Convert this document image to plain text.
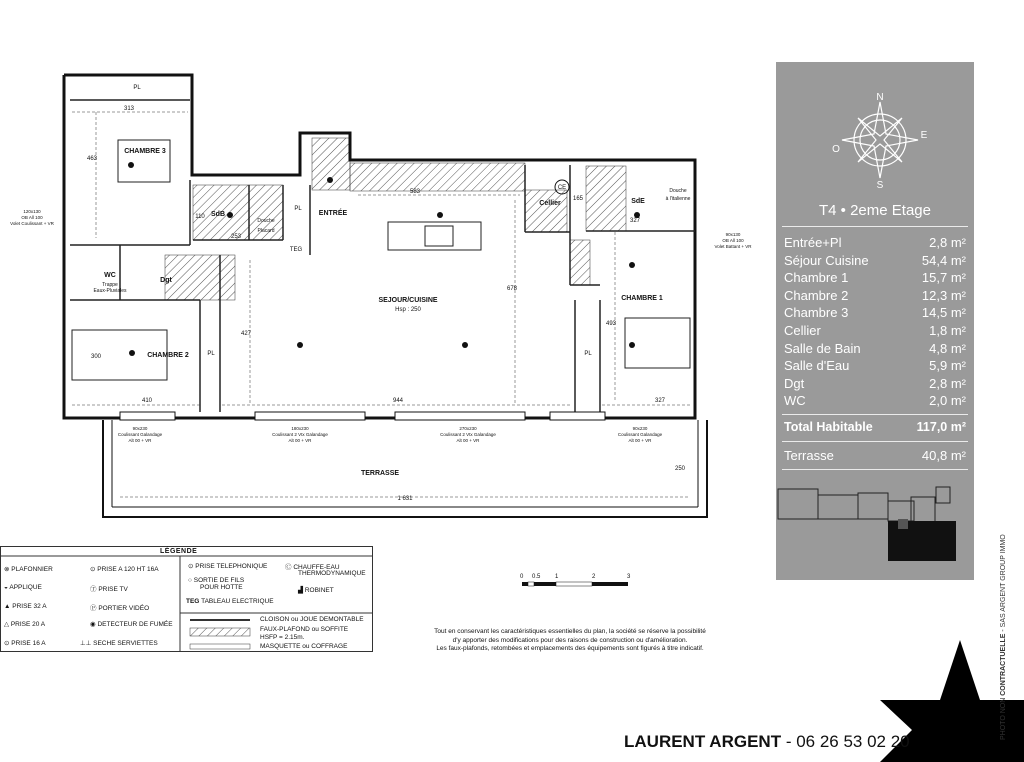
CHAMBRE 3
CHAMBRE 2
CHAMBRE 1
SdB
SdE
WC
Trappe
Eaux-Pluviales
Dgt
ENTRÉE
Cellier
SEJOUR/CUISINE
Hsp : 250
TERRASSE
PL
PL
PL
PL
TEG
CE
Douche
Placard
Douche
à l'italienne
313
463
583
327
253
110
165
678
427
493
300
410	944	327
250
1 631
120x130
OB All 100
Volet Coulissant + VR
90x130
OB All 100
Volet Battant + VR
90x230
Coulissant Galandage
Alt 00 + VR
180x230
Coulissant 2 Vtx Galandage
Alt 00 + VR
270x230
Coulissant 2 Vtx Galandage
Alt 00 + VR
90x230
Coulissant Galandage
Alt 00 + VR
N
E
S
O
T4 • 2eme Etage
Entrée+Pl	2,8 m²
Séjour Cuisine	54,4 m²
Chambre 1	15,7 m²
Chambre 2	12,3 m²
Chambre 3	14,5 m²
Cellier	1,8 m²
Salle de Bain	4,8 m²
Salle d'Eau	5,9 m²
Dgt	2,8 m²
WC	2,0 m²
Total Habitable	117,0 m²
Terrasse	40,8 m²
LÉGENDE
⊗ PLAFONNIER
◒ APPLIQUE
▲ PRISE 32 A
△ PRISE 20 A
⊙ PRISE 16 A
⊙ PRISE A 120 HT 16A
Ⓣ PRISE TV
Ⓟ PORTIER VIDÉO
◉ DETECTEUR DE FUMÉE
⊥⊥ SECHE SERVIETTES
⊙ PRISE TELEPHONIQUE
○ SORTIE DE FILS
POUR HOTTE
TEG TABLEAU ELECTRIQUE
Ⓒ CHAUFFE-EAU
THERMODYNAMIQUE
▟ ROBINET
CLOISON ou JOUE DEMONTABLE
FAUX-PLAFOND ou SOFFITE
HSFP = 2.15m.
MASQUETTE ou COFFRAGE
0 0.5 1	2	3
Tout en conservant les caractéristiques essentielles du plan, la société se réserve la possibilité
d'y apporter des modifications pour des raisons de construction ou d'amélioration.
Les faux-plafonds, retombées et emplacements des équipements sont figurés à titre indicatif.
LAURENT ARGENT - 06 26 53 02 20
PHOTO NON CONTRACTUELLE - SAS ARGENT GROUP IMMO
